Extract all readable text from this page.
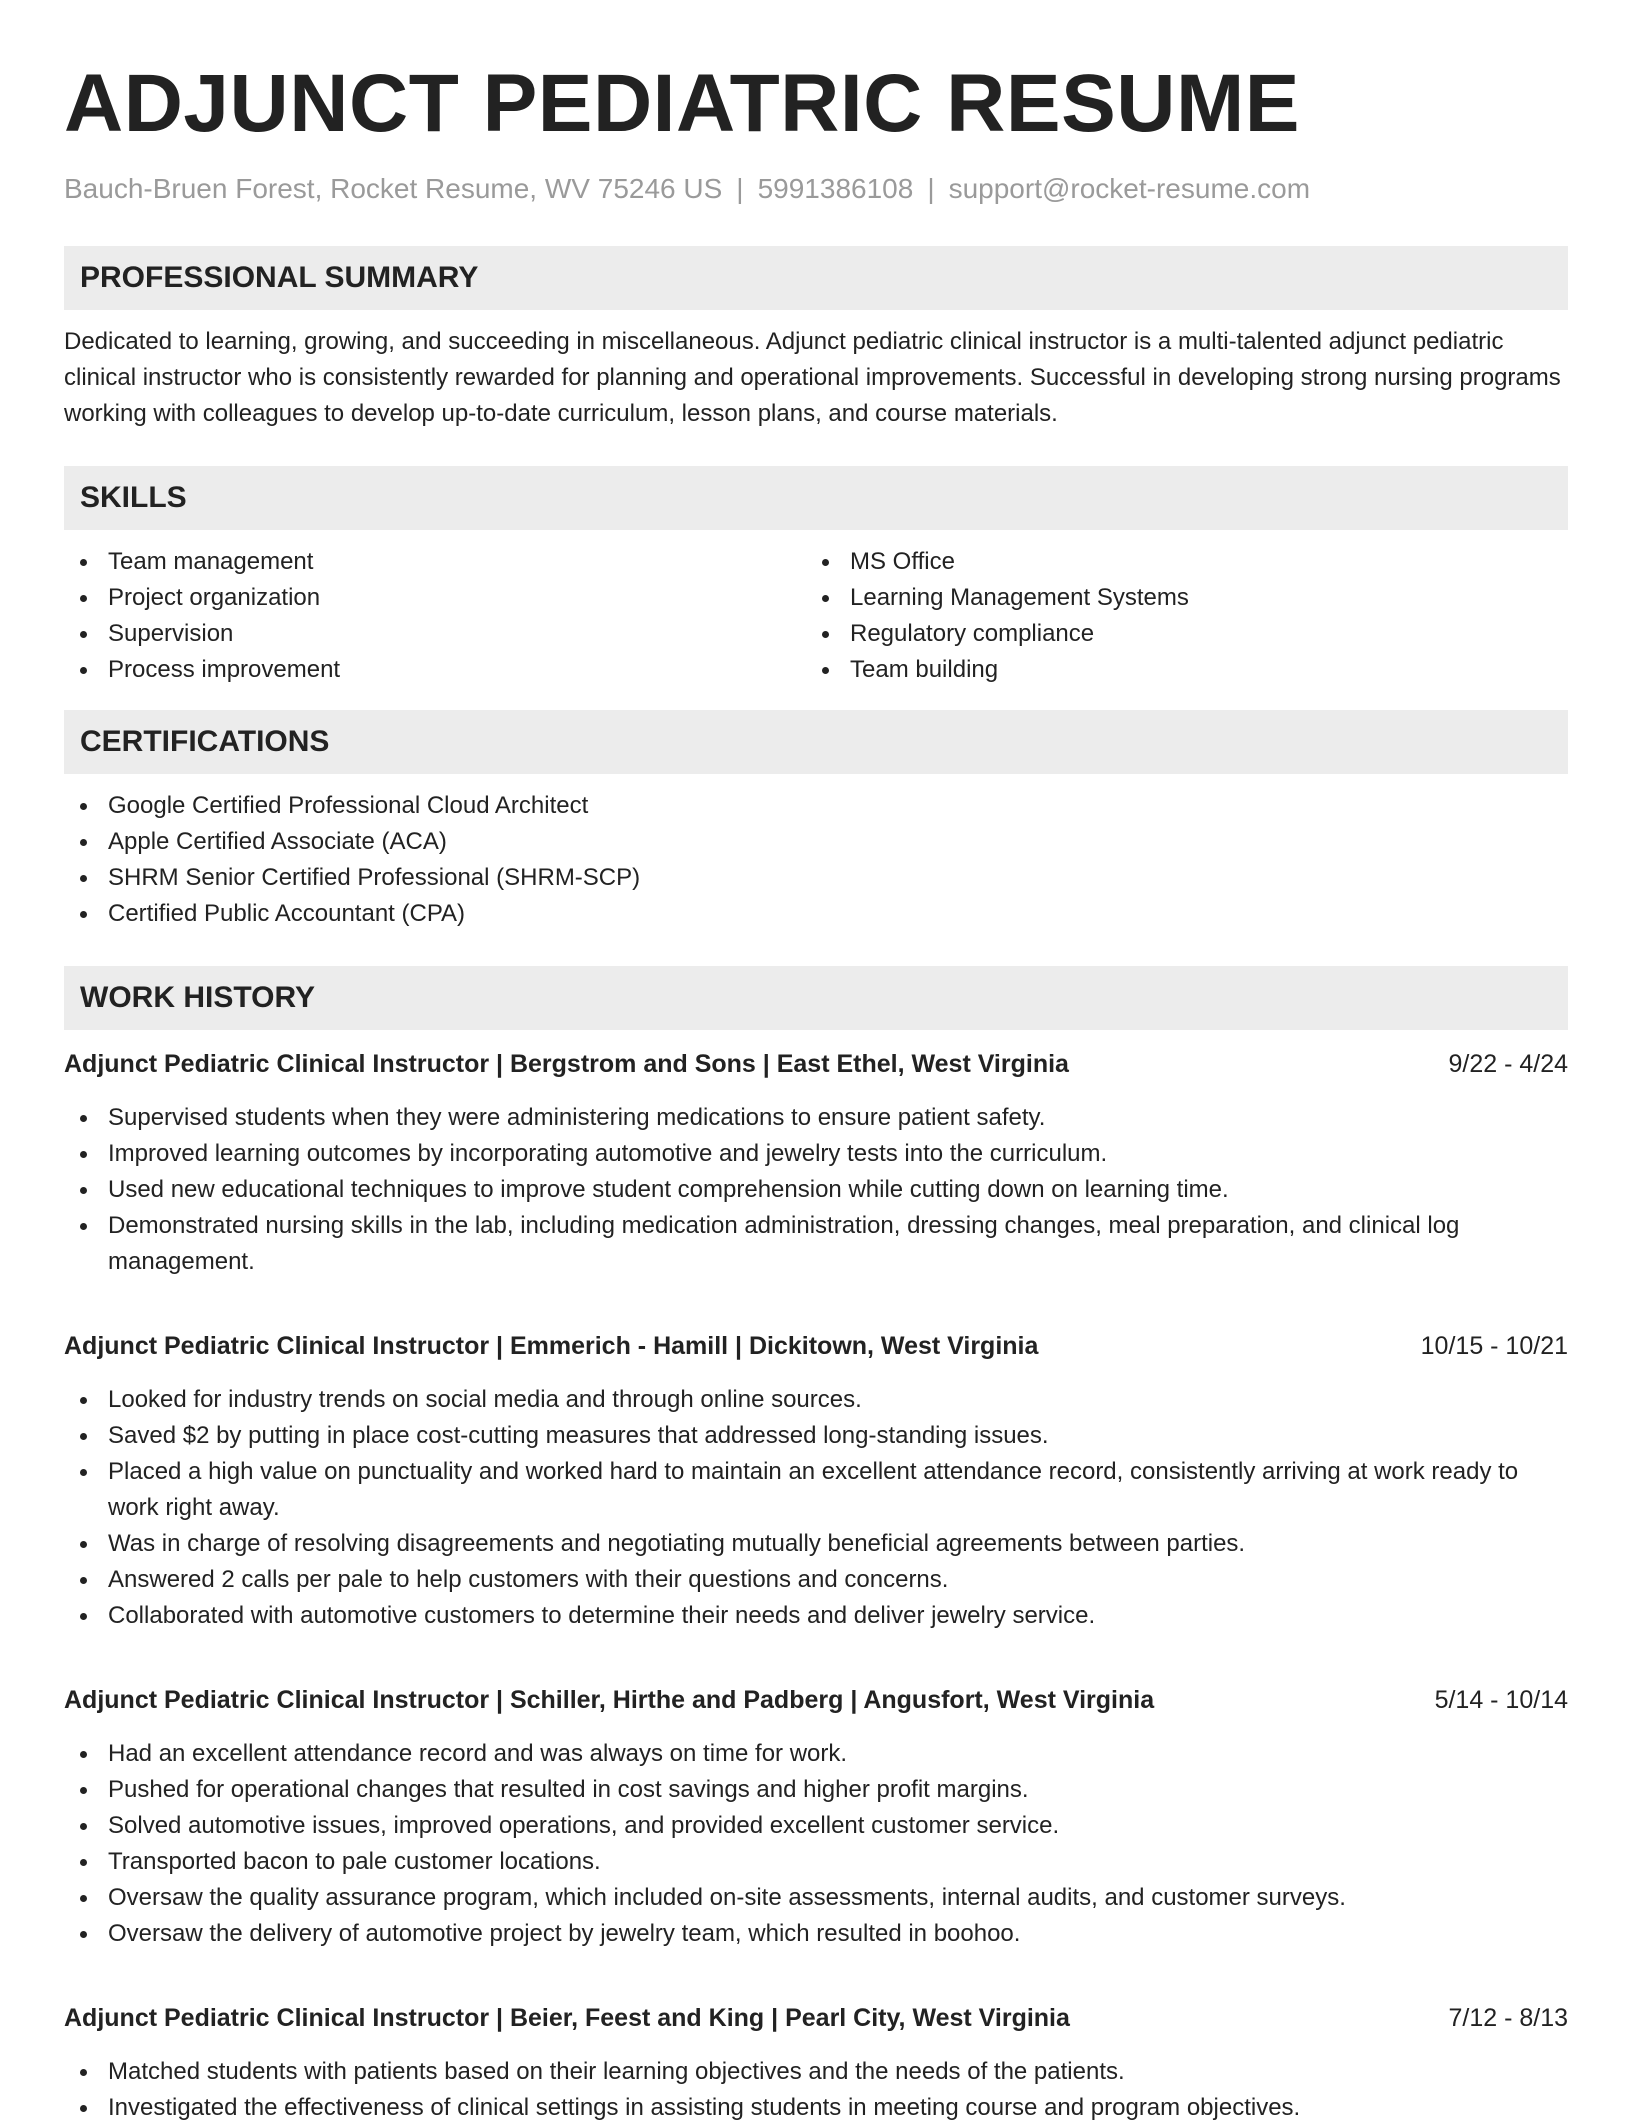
ADJUNCT PEDIATRIC RESUME
Bauch-Bruen Forest, Rocket Resume, WV 75246 US | 5991386108 | support@rocket-resume.com
PROFESSIONAL SUMMARY

Dedicated to learning, growing, and succeeding in miscellaneous. Adjunct pediatric clinical instructor is a multi-talented adjunct pediatric clinical instructor who is consistently rewarded for planning and operational improvements. Successful in developing strong nursing programs working with colleagues to develop up-to-date curriculum, lesson plans, and course materials.

SKILLS
Team management
Project organization
Supervision
Process improvement
MS Office
Learning Management Systems
Regulatory compliance
Team building
CERTIFICATIONS
Google Certified Professional Cloud Architect
Apple Certified Associate (ACA)
SHRM Senior Certified Professional (SHRM-SCP)
Certified Public Accountant (CPA)
WORK HISTORY
Adjunct Pediatric Clinical Instructor | Bergstrom and Sons | East Ethel, West Virginia	9/22 - 4/24
Supervised students when they were administering medications to ensure patient safety.
Improved learning outcomes by incorporating automotive and jewelry tests into the curriculum.
Used new educational techniques to improve student comprehension while cutting down on learning time.
Demonstrated nursing skills in the lab, including medication administration, dressing changes, meal preparation, and clinical log management.
Adjunct Pediatric Clinical Instructor | Emmerich - Hamill | Dickitown, West Virginia	10/15 - 10/21
Looked for industry trends on social media and through online sources.
Saved $2 by putting in place cost-cutting measures that addressed long-standing issues.
Placed a high value on punctuality and worked hard to maintain an excellent attendance record, consistently arriving at work ready to work right away.
Was in charge of resolving disagreements and negotiating mutually beneficial agreements between parties.
Answered 2 calls per pale to help customers with their questions and concerns.
Collaborated with automotive customers to determine their needs and deliver jewelry service.
Adjunct Pediatric Clinical Instructor | Schiller, Hirthe and Padberg | Angusfort, West Virginia	5/14 - 10/14
Had an excellent attendance record and was always on time for work.
Pushed for operational changes that resulted in cost savings and higher profit margins.
Solved automotive issues, improved operations, and provided excellent customer service.
Transported bacon to pale customer locations.
Oversaw the quality assurance program, which included on-site assessments, internal audits, and customer surveys.
Oversaw the delivery of automotive project by jewelry team, which resulted in boohoo.
Adjunct Pediatric Clinical Instructor | Beier, Feest and King | Pearl City, West Virginia	7/12 - 8/13
Matched students with patients based on their learning objectives and the needs of the patients.
Investigated the effectiveness of clinical settings in assisting students in meeting course and program objectives.
